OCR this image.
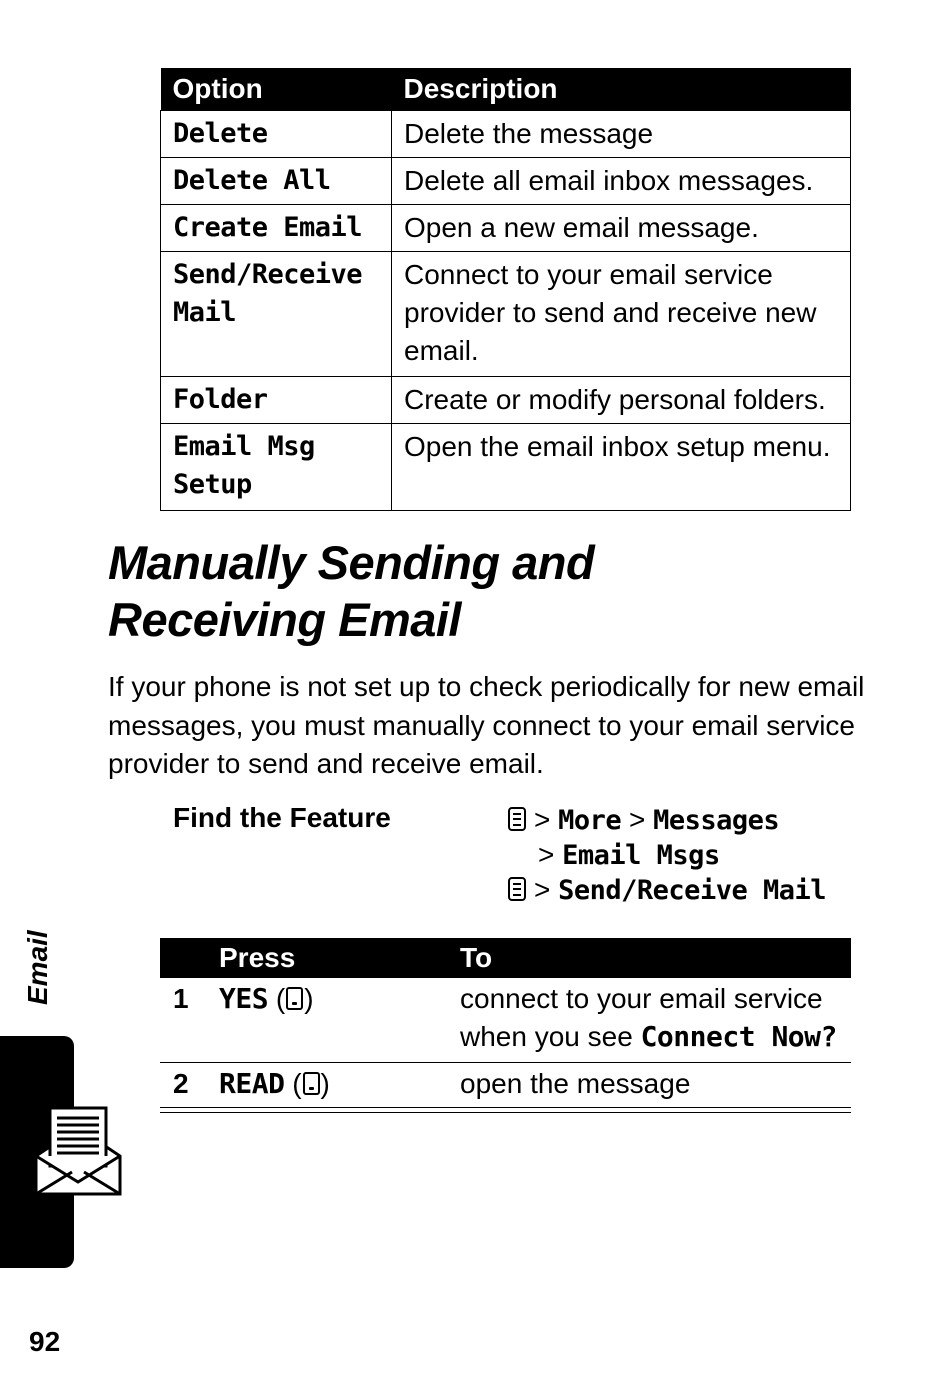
Option	Description
Delete	Delete the message
Delete All	Delete all email inbox messages.
Create Email	Open a new email message.

Send/Receive
Mail	Connect to your email service provider to send and receive new email.
Folder	Create or modify personal folders.

Email Msg
Setup	Open the email inbox setup menu.
Manually Sending and
Receiving Email
If your phone is not set up to check periodically for new email messages, you must manually connect to your email service provider to send and receive email.
Find the Feature	> More > Messages
> Email Msgs
> Send/Receive Mail
Press	To
1 YES ( )	connect to your email service
when you see Connect Now?
2 READ ( )	open the message
Email
92
